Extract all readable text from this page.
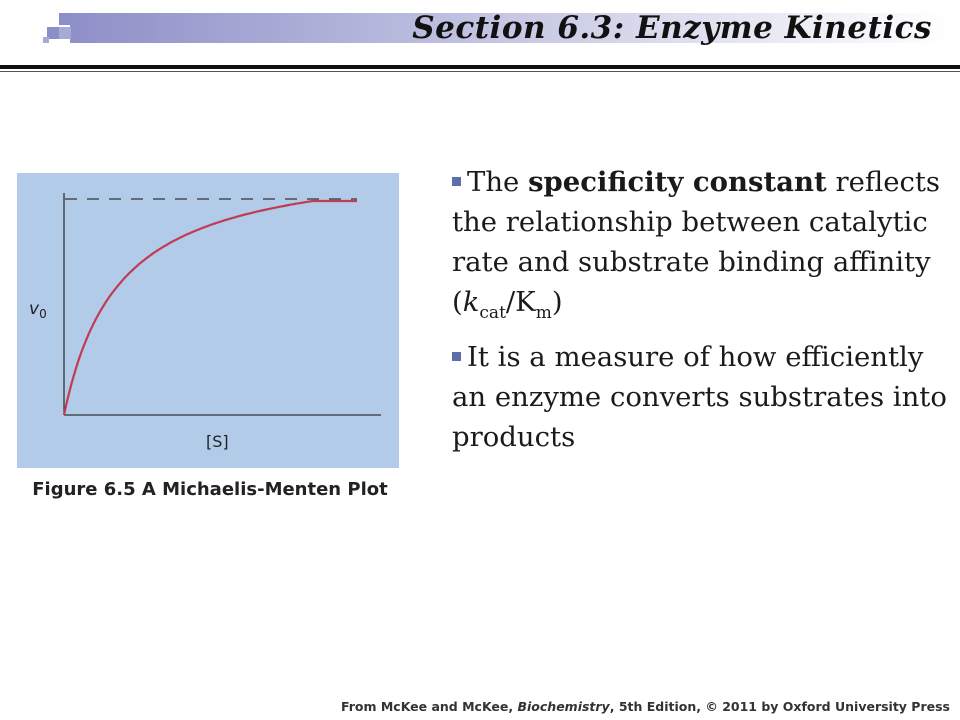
Section 6.3: Enzyme Kinetics
$v_0$
[S]
Figure 6.5 A Michaelis-Menten Plot
The specificity constant reflects the relationship between catalytic rate and substrate binding affinity $(k_{cat}/K_m)$
It is a measure of how efficiently an enzyme converts substrates into products
From McKee and McKee, Biochemistry, 5th Edition, © 2011 by Oxford University Press
